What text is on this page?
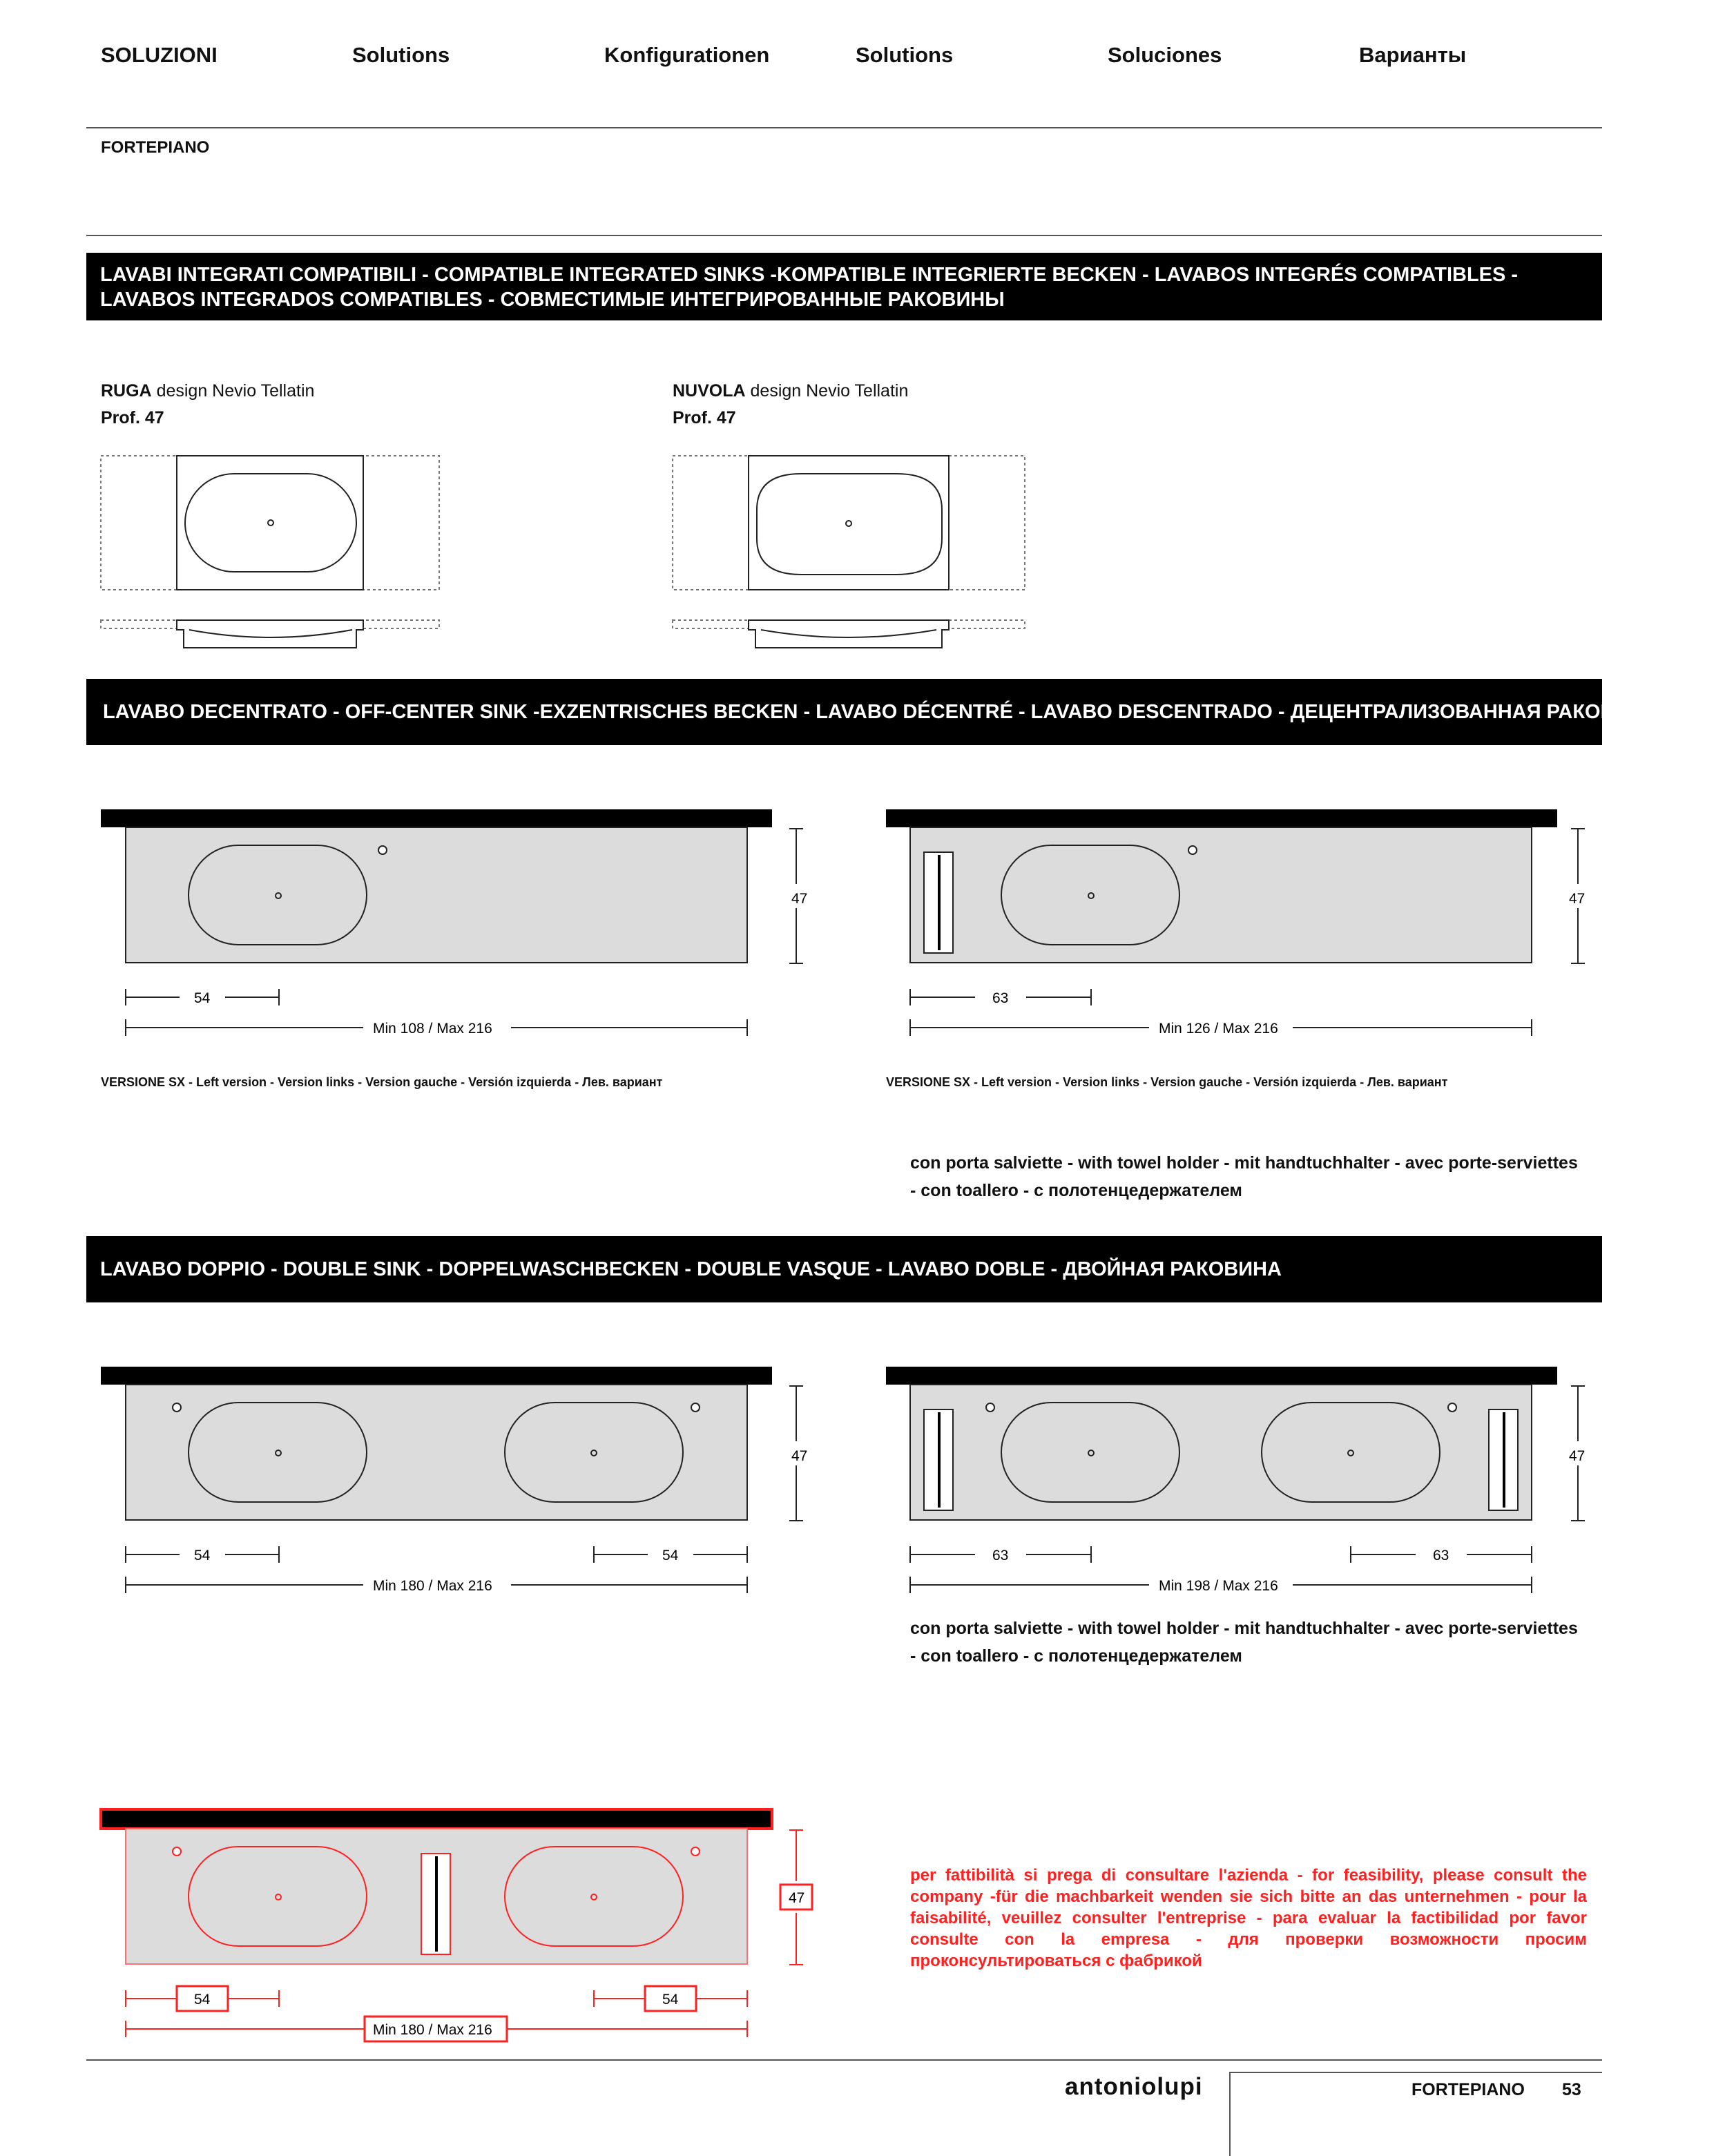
SOLUZIONI	Solutions	Konfigurationen	Solutions	Soluciones	Варианты
FORTEPIANO
LAVABI INTEGRATI COMPATIBILI - COMPATIBLE INTEGRATED SINKS -KOMPATIBLE INTEGRIERTE BECKEN - LAVABOS INTEGRÉS COMPATIBLES -
LAVABOS INTEGRADOS COMPATIBLES - СОВМЕСТИМЫЕ ИНТЕГРИРОВАННЫЕ РАКОВИНЫ
RUGA design Nevio Tellatin
Prof. 47
NUVOLA design Nevio Tellatin
Prof. 47
LAVABO DECENTRATO - OFF-CENTER SINK -EXZENTRISCHES BECKEN - LAVABO DÉCENTRÉ - LAVABO DESCENTRADO - ДЕЦЕНТРАЛИЗОВАННАЯ РАКОВИНА
47
54
Min 108 / Max 216
47
63
Min 126 / Max 216
VERSIONE SX - Left version - Version links - Version gauche - Versión izquierda - Лев. вариант	VERSIONE SX - Left version - Version links - Version gauche - Versión izquierda - Лев. вариант
con porta salviette - with towel holder - mit handtuchhalter - avec porte-serviettes
- con toallero - с полотенцедержателем
LAVABO DOPPIO - DOUBLE SINK - DOPPELWASCHBECKEN - DOUBLE VASQUE - LAVABO DOBLE - ДВОЙНАЯ РАКОВИНА
47
54	54
Min 180 / Max 216
47
63	63
Min 198 / Max 216
con porta salviette - with towel holder - mit handtuchhalter - avec porte-serviettes
- con toallero - с полотенцедержателем
47
54	54
Min 180 / Max 216
per fattibilità si prega di consultare l'azienda - for feasibility, please consult the company -für die machbarkeit wenden sie sich bitte an das unternehmen - pour la faisabilité, veuillez consulter l'entreprise - para evaluar la factibilidad por favor consulte con la empresa - для проверки возможности просим проконсультироваться с фабрикой
antoniolupi	FORTEPIANO 53
